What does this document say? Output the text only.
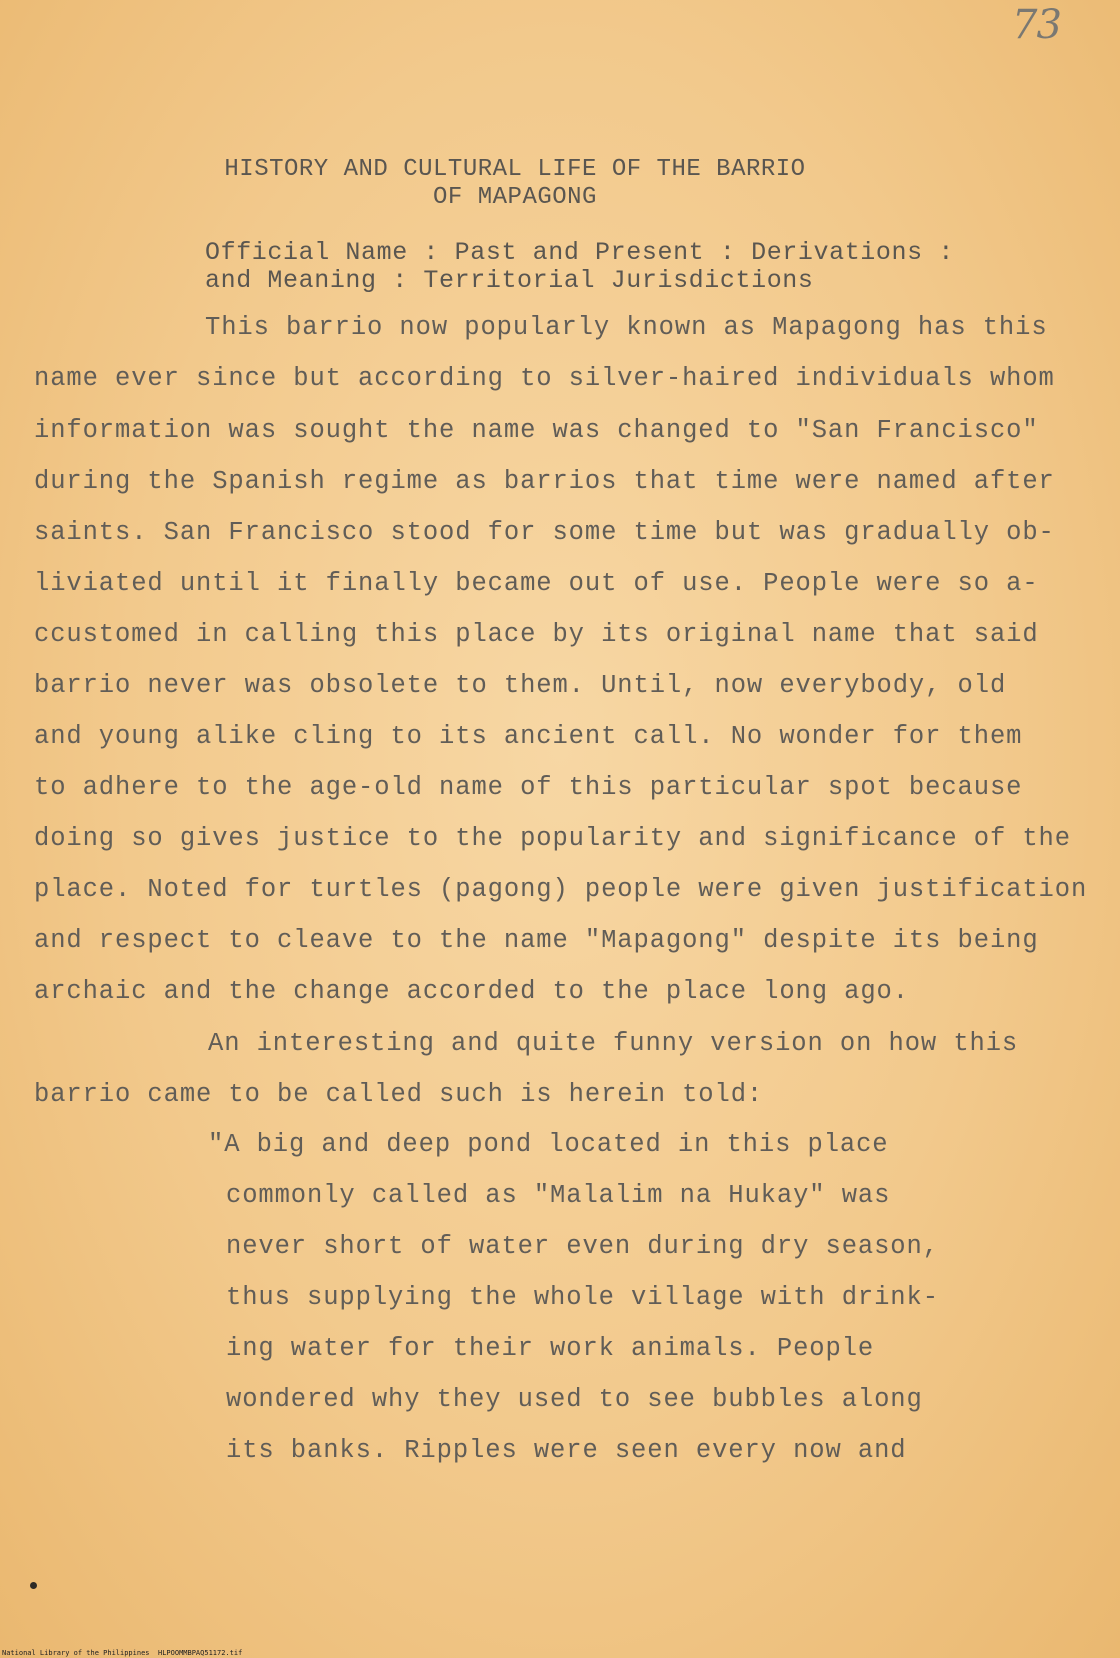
73
HISTORY AND CULTURAL LIFE OF THE BARRIO
OF MAPAGONG
Official Name : Past and Present : Derivations :
and Meaning : Territorial Jurisdictions
This barrio now popularly known as Mapagong has this
name ever since but according to silver-haired individuals whom
information was sought the name was changed to "San Francisco"
during the Spanish regime as barrios that time were named after
saints. San Francisco stood for some time but was gradually ob-
liviated until it finally became out of use. People were so a-
ccustomed in calling this place by its original name that said
barrio never was obsolete to them. Until, now everybody, old
and young alike cling to its ancient call. No wonder for them
to adhere to the age-old name of this particular spot because
doing so gives justice to the popularity and significance of the
place. Noted for turtles (pagong) people were given justification
and respect to cleave to the name "Mapagong" despite its being
archaic and the change accorded to the place long ago.
An interesting and quite funny version on how this
barrio came to be called such is herein told:
"A big and deep pond located in this place
commonly called as "Malalim na Hukay" was
never short of water even during dry season,
thus supplying the whole village with drink-
ing water for their work animals. People
wondered why they used to see bubbles along
its banks. Ripples were seen every now and
National Library of the Philippines HLPOOMMBPAQ51172.tif
